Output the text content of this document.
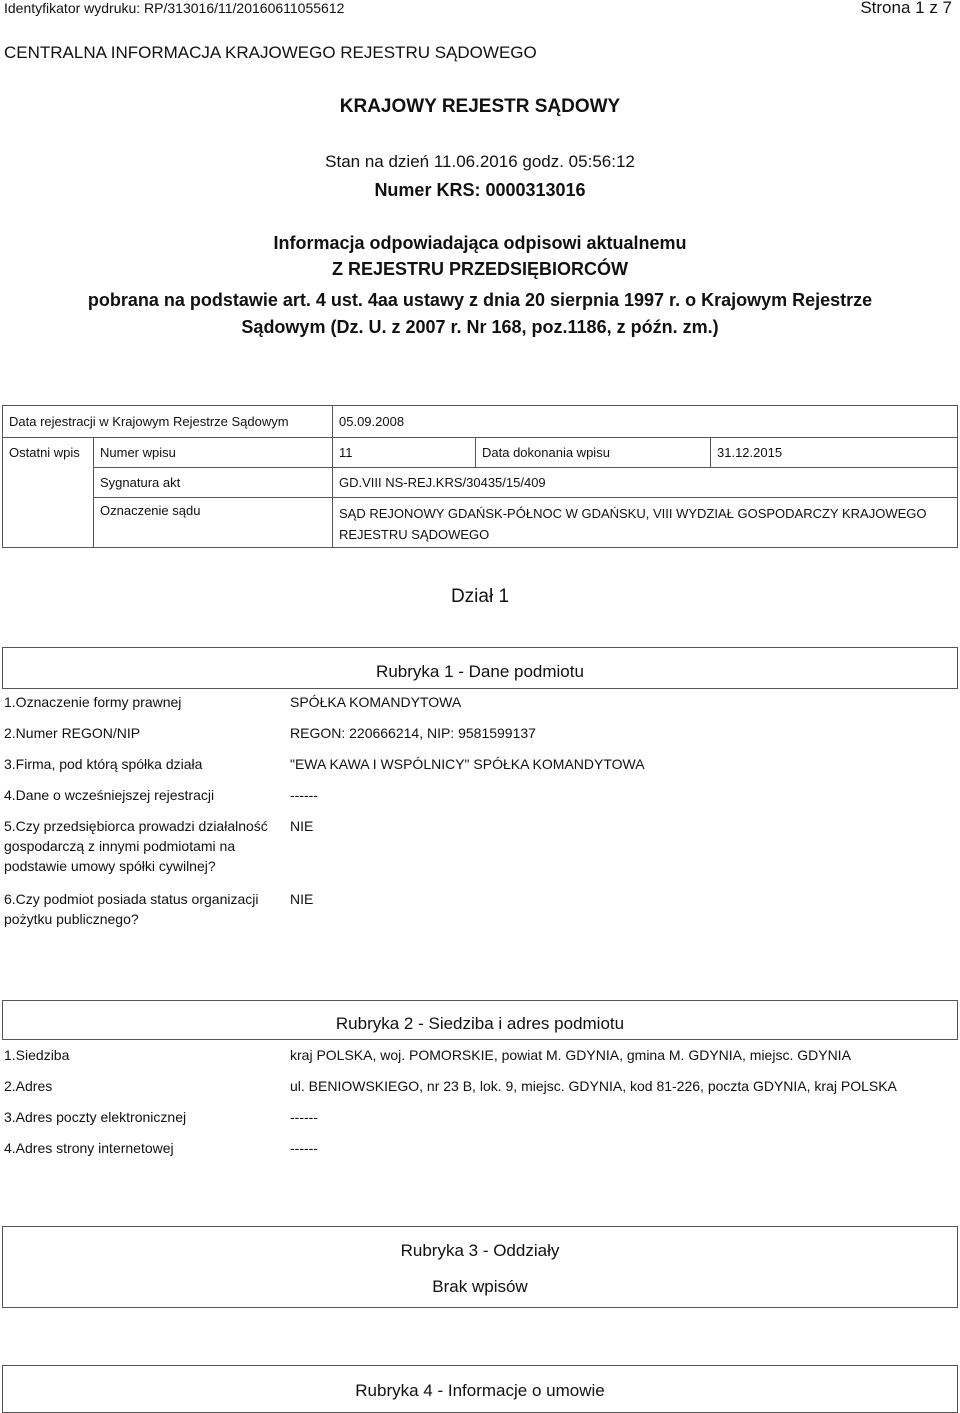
Identyfikator wydruku: RP/313016/11/20160611055612	Strona 1 z 7
CENTRALNA INFORMACJA KRAJOWEGO REJESTRU SĄDOWEGO
KRAJOWY REJESTR SĄDOWY
Stan na dzień 11.06.2016 godz. 05:56:12
Numer KRS: 0000313016
Informacja odpowiadająca odpisowi aktualnemu
Z REJESTRU PRZEDSIĘBIORCÓW
pobrana na podstawie art. 4 ust. 4aa ustawy z dnia 20 sierpnia 1997 r. o Krajowym Rejestrze
Sądowym (Dz. U. z 2007 r. Nr 168, poz.1186, z późn. zm.)
Data rejestracji w Krajowym Rejestrze Sądowym		05.09.2008		
Ostatni wpis	Numer wpisu	11	Data dokonania wpisu	31.12.2015
	Sygnatura akt	GD.VIII NS-REJ.KRS/30435/15/409		
	Oznaczenie sądu	SĄD REJONOWY GDAŃSK-PÓŁNOC W GDAŃSKU, VIII WYDZIAŁ GOSPODARCZY KRAJOWEGO
REJESTRU SĄDOWEGO		
Dział 1
Rubryka 1 - Dane podmiotu
1.Oznaczenie formy prawnej	SPÓŁKA KOMANDYTOWA
2.Numer REGON/NIP	REGON: 220666214, NIP: 9581599137
3.Firma, pod którą spółka działa	"EWA KAWA I WSPÓLNICY" SPÓŁKA KOMANDYTOWA
4.Dane o wcześniejszej rejestracji	------
5.Czy przedsiębiorca prowadzi działalność
gospodarczą z innymi podmiotami na
podstawie umowy spółki cywilnej?
NIE
6.Czy podmiot posiada status organizacji
pożytku publicznego?
NIE
Rubryka 2 - Siedziba i adres podmiotu
1.Siedziba	kraj POLSKA, woj. POMORSKIE, powiat M. GDYNIA, gmina M. GDYNIA, miejsc. GDYNIA
2.Adres	ul. BENIOWSKIEGO, nr 23 B, lok. 9, miejsc. GDYNIA, kod 81-226, poczta GDYNIA, kraj POLSKA
3.Adres poczty elektronicznej	------
4.Adres strony internetowej	------
Rubryka 3 - Oddziały
Brak wpisów
Rubryka 4 - Informacje o umowie
